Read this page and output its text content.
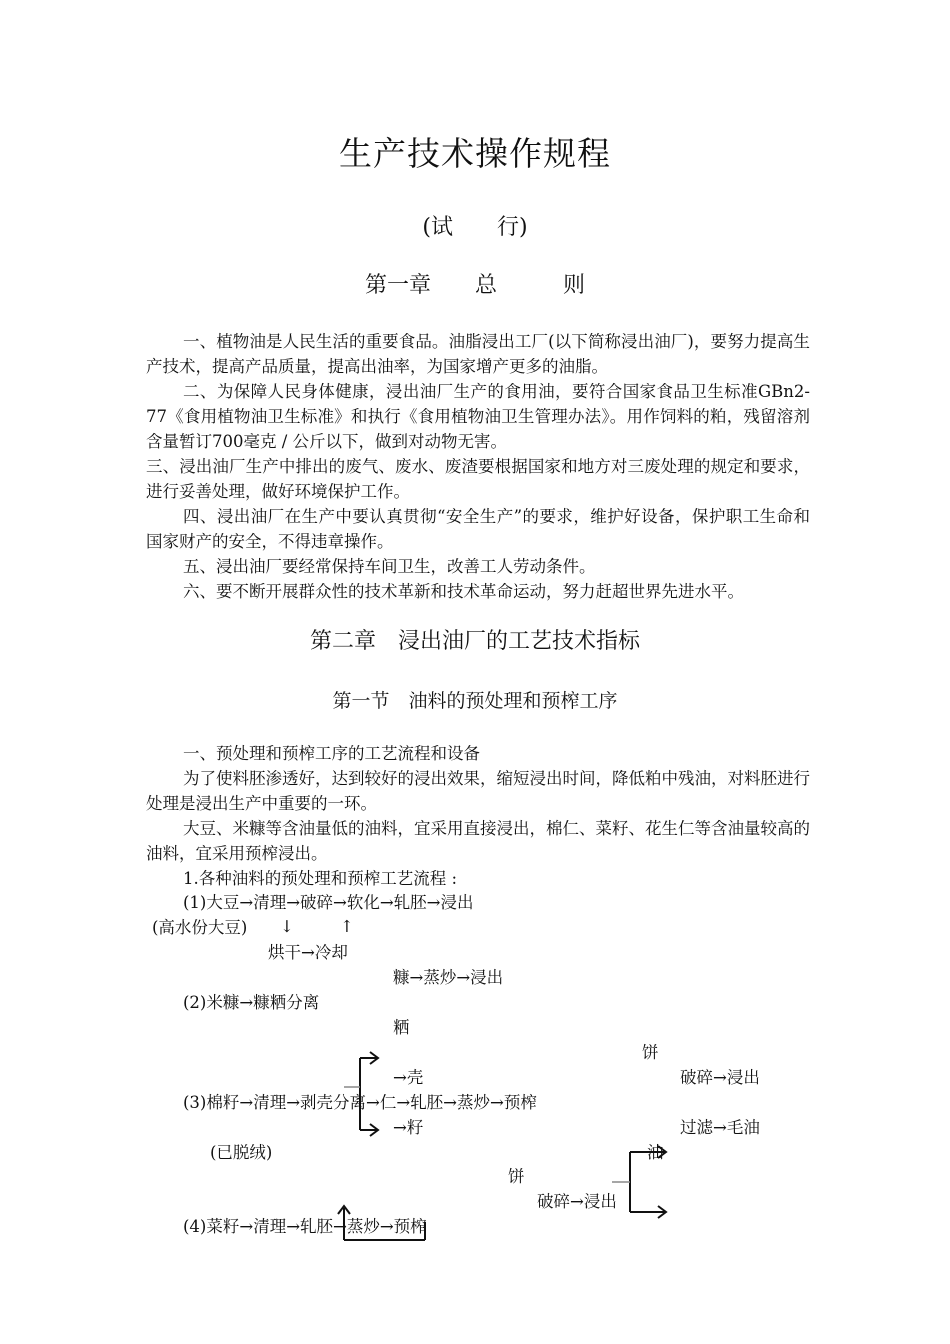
生产技术操作规程
(试　　行)
第一章　　总　　　则
一、植物油是人民生活的重要食品。油脂浸出工厂(以下简称浸出油厂)，要努力提高生产技术，提高产品质量，提高出油率，为国家增产更多的油脂。
二、为保障人民身体健康，浸出油厂生产的食用油，要符合国家食品卫生标准GBn2-77《食用植物油卫生标准》和执行《食用植物油卫生管理办法》。用作饲料的粕，残留溶剂含量暂订700毫克 / 公斤以下，做到对动物无害。
三、浸出油厂生产中排出的废气、废水、废渣要根据国家和地方对三废处理的规定和要求，进行妥善处理，做好环境保护工作。
四、浸出油厂在生产中要认真贯彻“安全生产”的要求，维护好设备，保护职工生命和国家财产的安全，不得违章操作。
五、浸出油厂要经常保持车间卫生，改善工人劳动条件。
六、要不断开展群众性的技术革新和技术革命运动，努力赶超世界先进水平。
第二章　浸出油厂的工艺技术指标
第一节　油料的预处理和预榨工序
一、预处理和预榨工序的工艺流程和设备
为了使料胚渗透好，达到较好的浸出效果，缩短浸出时间，降低粕中残油，对料胚进行处理是浸出生产中重要的一环。
大豆、米糠等含油量低的油料，宜采用直接浸出，棉仁、菜籽、花生仁等含油量较高的油料，宜采用预榨浸出。
1.各种油料的预处理和预榨工艺流程 :
(1)大豆→清理→破碎→软化→轧胚→浸出
(高水份大豆) ↓	↑
烘干→冷却
糠→蒸炒→浸出
(2)米糠→糠粞分离
粞
饼
→壳	破碎→浸出
(3)棉籽→清理→剥壳分离→仁→轧胚→蒸炒→预榨
→籽	过滤→毛油
(已脱绒)	油
饼
破碎→浸出
(4)菜籽→清理→轧胚→蒸炒→预榨
